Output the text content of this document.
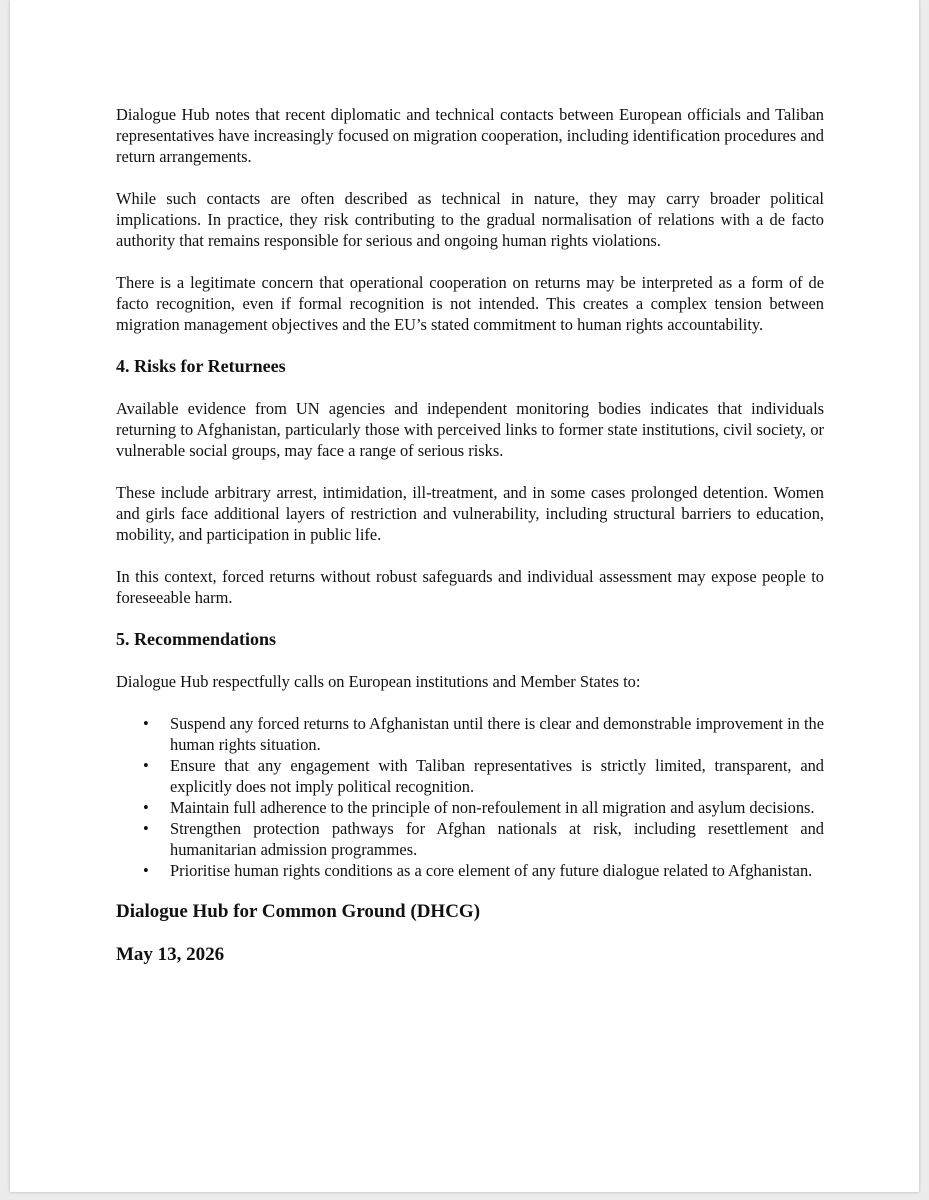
Dialogue Hub notes that recent diplomatic and technical contacts between European officials and Taliban representatives have increasingly focused on migration cooperation, including identification procedures and return arrangements.

While such contacts are often described as technical in nature, they may carry broader political implications. In practice, they risk contributing to the gradual normalisation of relations with a de facto authority that remains responsible for serious and ongoing human rights violations.

There is a legitimate concern that operational cooperation on returns may be interpreted as a form of de facto recognition, even if formal recognition is not intended. This creates a complex tension between migration management objectives and the EU’s stated commitment to human rights accountability.

4. Risks for Returnees

Available evidence from UN agencies and independent monitoring bodies indicates that individuals returning to Afghanistan, particularly those with perceived links to former state institutions, civil society, or vulnerable social groups, may face a range of serious risks.

These include arbitrary arrest, intimidation, ill-treatment, and in some cases prolonged detention. Women and girls face additional layers of restriction and vulnerability, including structural barriers to education, mobility, and participation in public life.

In this context, forced returns without robust safeguards and individual assessment may expose people to foreseeable harm.

5. Recommendations

Dialogue Hub respectfully calls on European institutions and Member States to:

• Suspend any forced returns to Afghanistan until there is clear and demonstrable improvement in the human rights situation.
• Ensure that any engagement with Taliban representatives is strictly limited, transparent, and explicitly does not imply political recognition.
• Maintain full adherence to the principle of non-refoulement in all migration and asylum decisions.
• Strengthen protection pathways for Afghan nationals at risk, including resettlement and humanitarian admission programmes.
• Prioritise human rights conditions as a core element of any future dialogue related to Afghanistan.
Dialogue Hub for Common Ground (DHCG)
May 13, 2026
